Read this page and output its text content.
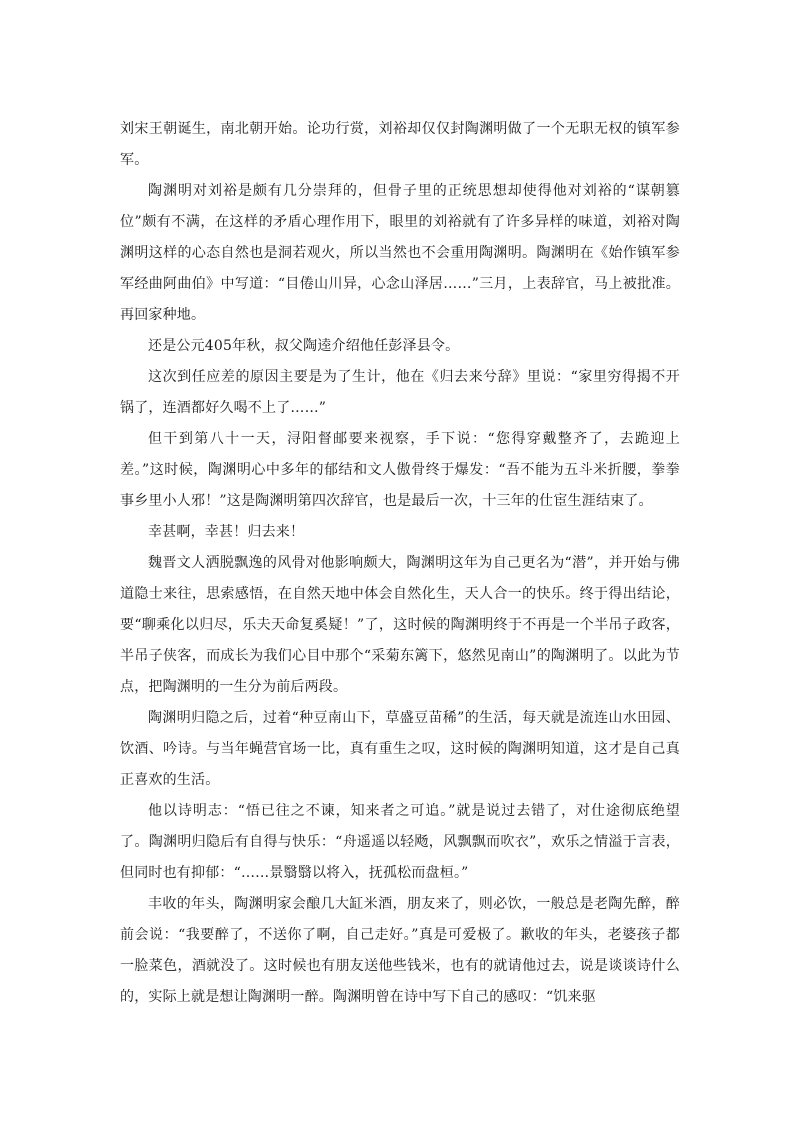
刘宋王朝诞生，南北朝开始。论功行赏，刘裕却仅仅封陶渊明做了一个无职无权的镇军参军。

陶渊明对刘裕是颇有几分崇拜的，但骨子里的正统思想却使得他对刘裕的“谋朝篡位”颇有不满，在这样的矛盾心理作用下，眼里的刘裕就有了许多异样的味道，刘裕对陶渊明这样的心态自然也是洞若观火，所以当然也不会重用陶渊明。陶渊明在《始作镇军参军经曲阿曲伯》中写道：“目倦山川异，心念山泽居……”三月，上表辞官，马上被批准。再回家种地。

还是公元405年秋，叔父陶逵介绍他任彭泽县令。

这次到任应差的原因主要是为了生计，他在《归去来兮辞》里说：“家里穷得揭不开锅了，连酒都好久喝不上了……”

但干到第八十一天，浔阳督邮要来视察，手下说：“您得穿戴整齐了，去跪迎上差。”这时候，陶渊明心中多年的郁结和文人傲骨终于爆发：“吾不能为五斗米折腰，拳拳事乡里小人邪！”这是陶渊明第四次辞官，也是最后一次，十三年的仕宦生涯结束了。

幸甚啊，幸甚！归去来！

魏晋文人洒脱飘逸的风骨对他影响颇大，陶渊明这年为自己更名为“潜”，并开始与佛道隐士来往，思索感悟，在自然天地中体会自然化生，天人合一的快乐。终于得出结论，要“聊乘化以归尽，乐夫天命复奚疑！”了，这时候的陶渊明终于不再是一个半吊子政客，半吊子侠客，而成长为我们心目中那个“采菊东篱下，悠然见南山”的陶渊明了。以此为节点，把陶渊明的一生分为前后两段。

陶渊明归隐之后，过着“种豆南山下，草盛豆苗稀”的生活，每天就是流连山水田园、饮酒、吟诗。与当年蝇营官场一比，真有重生之叹，这时候的陶渊明知道，这才是自己真正喜欢的生活。

他以诗明志：“悟已往之不谏，知来者之可追。”就是说过去错了，对仕途彻底绝望了。陶渊明归隐后有自得与快乐：“舟遥遥以轻飏，风飘飘而吹衣”，欢乐之情溢于言表，但同时也有抑郁：“……景翳翳以将入，抚孤松而盘桓。”

丰收的年头，陶渊明家会酿几大缸米酒，朋友来了，则必饮，一般总是老陶先醉，醉前会说：“我要醉了，不送你了啊，自己走好。”真是可爱极了。歉收的年头，老婆孩子都一脸菜色，酒就没了。这时候也有朋友送他些钱米，也有的就请他过去，说是谈谈诗什么的，实际上就是想让陶渊明一醉。陶渊明曾在诗中写下自己的感叹：“饥来驱
